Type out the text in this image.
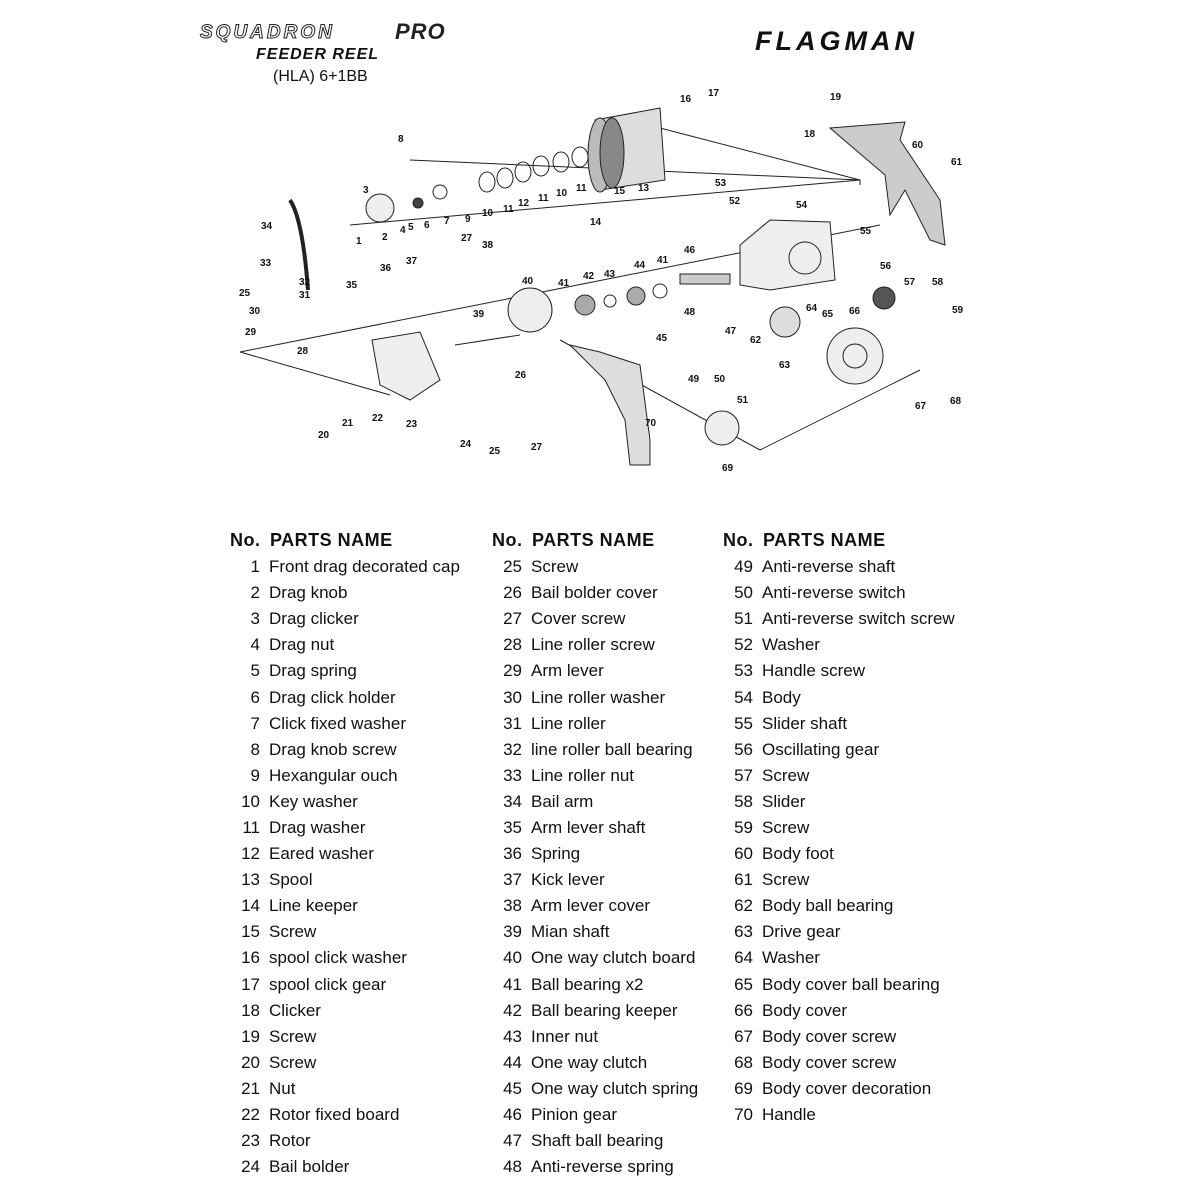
SQUADRON	PRO
FEEDER REEL
(HLA) 6+1BB
FLAGMAN
1 2
3
4 5 6 7
8
9
10 11
12 11 10 11	13
14
15
16
17
18
19
20
21 22
23
24
25
26
27
27
28
29
30
31
32
33
34
35
36
37
38
39
40 41
42 43
44 41
45
46
47
48
49 50
51
52
53
54
55
56
57 58
59
60
61
62
63
64
65 66
67 68
69
70
25
No. PARTS NAME
1 Front drag decorated cap
2 Drag knob
3 Drag clicker
4 Drag nut
5 Drag spring
6 Drag click holder
7 Click fixed washer
8 Drag knob screw
9 Hexangular ouch
10 Key washer
11 Drag washer
12 Eared washer
13 Spool
14 Line keeper
15 Screw
16 spool click washer
17 spool click gear
18 Clicker
19 Screw
20 Screw
21 Nut
22 Rotor fixed board
23 Rotor
24 Bail bolder
No. PARTS NAME
25 Screw
26 Bail bolder cover
27 Cover screw
28 Line roller screw
29 Arm lever
30 Line roller washer
31 Line roller
32 line roller ball bearing
33 Line roller nut
34 Bail arm
35 Arm lever shaft
36 Spring
37 Kick lever
38 Arm lever cover
39 Mian shaft
40 One way clutch board
41 Ball bearing x2
42 Ball bearing keeper
43 Inner nut
44 One way clutch
45 One way clutch spring
46 Pinion gear
47 Shaft ball bearing
48 Anti-reverse spring
No. PARTS NAME
49 Anti-reverse shaft
50 Anti-reverse switch
51 Anti-reverse switch screw
52 Washer
53 Handle screw
54 Body
55 Slider shaft
56 Oscillating gear
57 Screw
58 Slider
59 Screw
60 Body foot
61 Screw
62 Body ball bearing
63 Drive gear
64 Washer
65 Body cover ball bearing
66 Body cover
67 Body cover screw
68 Body cover screw
69 Body cover decoration
70 Handle
